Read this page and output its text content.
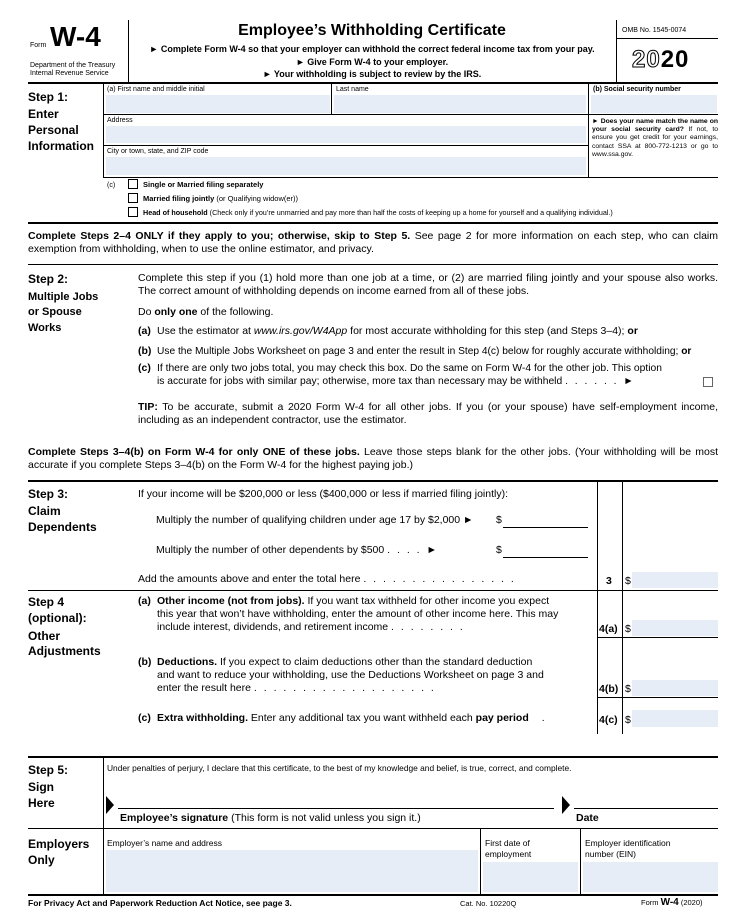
Form W-4
Department of the Treasury
Internal Revenue Service
Employee’s Withholding Certificate
► Complete Form W-4 so that your employer can withhold the correct federal income tax from your pay.
► Give Form W-4 to your employer.
► Your withholding is subject to review by the IRS.
OMB No. 1545-0074
2020
Step 1:
Enter
Personal
Information
(a) First name and middle initial	Last name	(b) Social security number
Address
City or town, state, and ZIP code
► Does your name match the name on your social security card? If not, to ensure you get credit for your earnings, contact SSA at 800-772-1213 or go to www.ssa.gov.
(c)	Single or Married filing separately
Married filing jointly (or Qualifying widow(er))
Head of household (Check only if you’re unmarried and pay more than half the costs of keeping up a home for yourself and a qualifying individual.)
Complete Steps 2–4 ONLY if they apply to you; otherwise, skip to Step 5. See page 2 for more information on each step, who can claim exemption from withholding, when to use the online estimator, and privacy.
Step 2:
Multiple Jobs
or Spouse
Works
Complete this step if you (1) hold more than one job at a time, or (2) are married filing jointly and your spouse also works. The correct amount of withholding depends on income earned from all of these jobs.
Do only one of the following.
(a) Use the estimator at www.irs.gov/W4App for most accurate withholding for this step (and Steps 3–4); or
(b) Use the Multiple Jobs Worksheet on page 3 and enter the result in Step 4(c) below for roughly accurate withholding; or
(c) If there are only two jobs total, you may check this box. Do the same on Form W-4 for the other job. This option
is accurate for jobs with similar pay; otherwise, more tax than necessary may be withheld . . . . . . ►
TIP: To be accurate, submit a 2020 Form W-4 for all other jobs. If you (or your spouse) have self-employment income, including as an independent contractor, use the estimator.
Complete Steps 3–4(b) on Form W-4 for only ONE of these jobs. Leave those steps blank for the other jobs. (Your withholding will be most accurate if you complete Steps 3–4(b) on the Form W-4 for the highest paying job.)
Step 3:
Claim
Dependents
If your income will be $200,000 or less ($400,000 or less if married filing jointly):
Multiply the number of qualifying children under age 17 by $2,000 ► $
Multiply the number of other dependents by $500 . . . . ►	$
Add the amounts above and enter the total here . . . . . . . . . . . . . . . .	3 $
Step 4
(optional):
Other
Adjustments
(a) Other income (not from jobs). If you want tax withheld for other income you expect
this year that won’t have withholding, enter the amount of other income here. This may
include interest, dividends, and retirement income . . . . . . . .	4(a) $
(b) Deductions. If you expect to claim deductions other than the standard deduction
and want to reduce your withholding, use the Deductions Worksheet on page 3 and
enter the result here . . . . . . . . . . . . . . . . . . .	4(b) $
(c) Extra withholding. Enter any additional tax you want withheld each pay period .	4(c) $
Step 5:
Sign
Here
Under penalties of perjury, I declare that this certificate, to the best of my knowledge and belief, is true, correct, and complete.
Employee’s signature (This form is not valid unless you sign it.)	Date
Employers
Only
Employer’s name and address	First date of
employment
Employer identification
number (EIN)
For Privacy Act and Paperwork Reduction Act Notice, see page 3.	Cat. No. 10220Q	Form W-4 (2020)
